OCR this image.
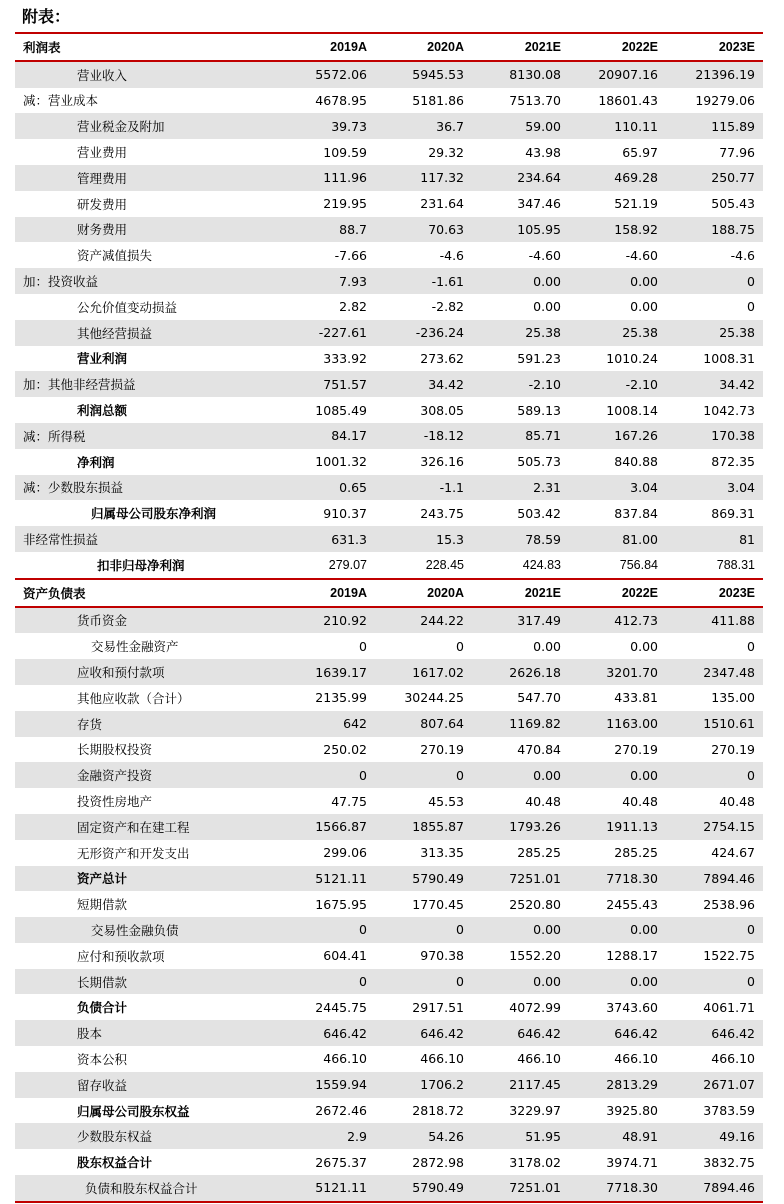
附表：
利润表	2019A	2020A	2021E	2022E	2023E
营业收入	5572.06	5945.53	8130.08	20907.16	21396.19
减：营业成本	4678.95	5181.86	7513.70	18601.43	19279.06
营业税金及附加	39.73	36.7	59.00	110.11	115.89
营业费用	109.59	29.32	43.98	65.97	77.96
管理费用	111.96	117.32	234.64	469.28	250.77
研发费用	219.95	231.64	347.46	521.19	505.43
财务费用	88.7	70.63	105.95	158.92	188.75
资产减值损失	-7.66	-4.6	-4.60	-4.60	-4.6
加：投资收益	7.93	-1.61	0.00	0.00	0
公允价值变动损益	2.82	-2.82	0.00	0.00	0
其他经营损益	-227.61	-236.24	25.38	25.38	25.38
营业利润	333.92	273.62	591.23	1010.24	1008.31
加：其他非经营损益	751.57	34.42	-2.10	-2.10	34.42
利润总额	1085.49	308.05	589.13	1008.14	1042.73
减：所得税	84.17	-18.12	85.71	167.26	170.38
净利润	1001.32	326.16	505.73	840.88	872.35
减：少数股东损益	0.65	-1.1	2.31	3.04	3.04
归属母公司股东净利润	910.37	243.75	503.42	837.84	869.31
非经常性损益	631.3	15.3	78.59	81.00	81
扣非归母净利润	279.07	228.45	424.83	756.84	788.31
资产负债表	2019A	2020A	2021E	2022E	2023E
货币资金	210.92	244.22	317.49	412.73	411.88
交易性金融资产	0	0	0.00	0.00	0
应收和预付款项	1639.17	1617.02	2626.18	3201.70	2347.48
其他应收款（合计）	2135.99	30244.25	547.70	433.81	135.00
存货	642	807.64	1169.82	1163.00	1510.61
长期股权投资	250.02	270.19	470.84	270.19	270.19
金融资产投资	0	0	0.00	0.00	0
投资性房地产	47.75	45.53	40.48	40.48	40.48
固定资产和在建工程	1566.87	1855.87	1793.26	1911.13	2754.15
无形资产和开发支出	299.06	313.35	285.25	285.25	424.67
资产总计	5121.11	5790.49	7251.01	7718.30	7894.46
短期借款	1675.95	1770.45	2520.80	2455.43	2538.96
交易性金融负债	0	0	0.00	0.00	0
应付和预收款项	604.41	970.38	1552.20	1288.17	1522.75
长期借款	0	0	0.00	0.00	0
负债合计	2445.75	2917.51	4072.99	3743.60	4061.71
股本	646.42	646.42	646.42	646.42	646.42
资本公积	466.10	466.10	466.10	466.10	466.10
留存收益	1559.94	1706.2	2117.45	2813.29	2671.07
归属母公司股东权益	2672.46	2818.72	3229.97	3925.80	3783.59
少数股东权益	2.9	54.26	51.95	48.91	49.16
股东权益合计	2675.37	2872.98	3178.02	3974.71	3832.75
负债和股东权益合计	5121.11	5790.49	7251.01	7718.30	7894.46
